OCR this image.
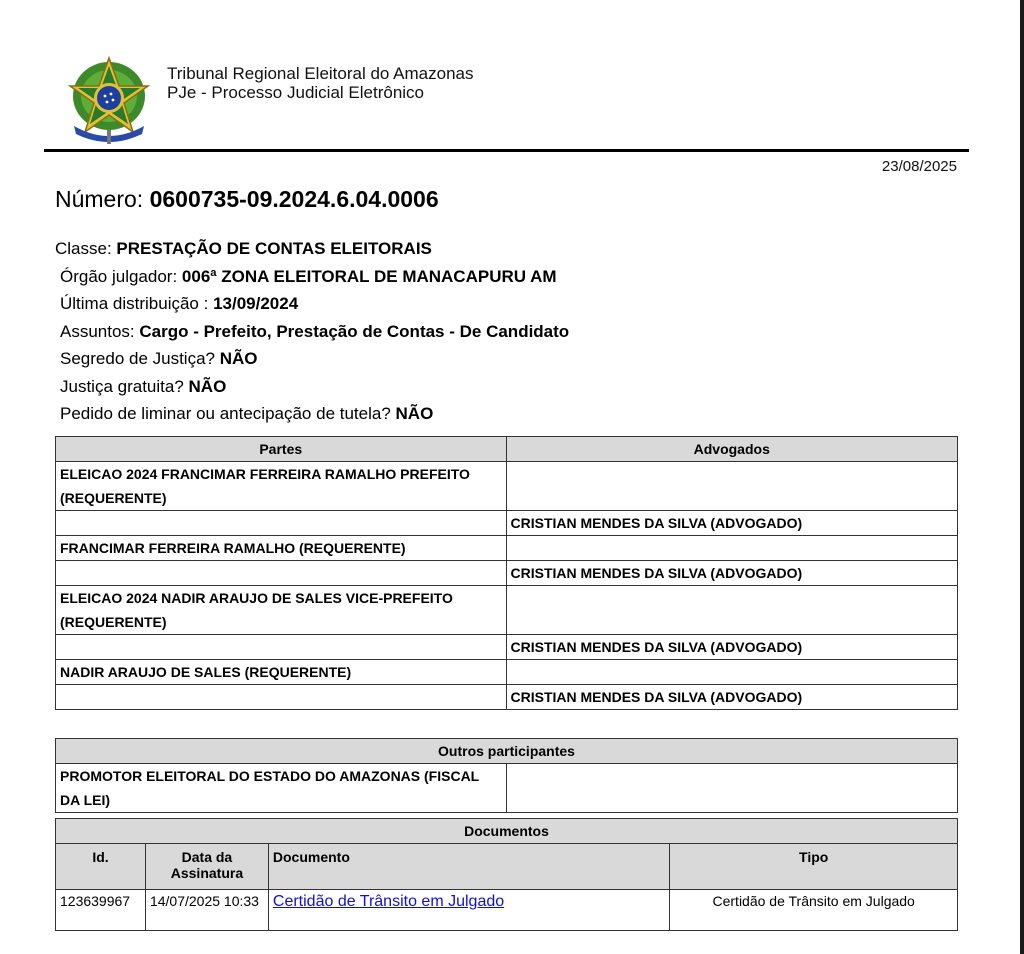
Tribunal Regional Eleitoral do Amazonas
PJe - Processo Judicial Eletrônico
23/08/2025
Número: 0600735-09.2024.6.04.0006
Classe: PRESTAÇÃO DE CONTAS ELEITORAIS
Órgão julgador: 006ª ZONA ELEITORAL DE MANACAPURU AM
Última distribuição : 13/09/2024
Assuntos: Cargo - Prefeito, Prestação de Contas - De Candidato
Segredo de Justiça? NÃO
Justiça gratuita? NÃO
Pedido de liminar ou antecipação de tutela? NÃO
Partes	Advogados
ELEICAO 2024 FRANCIMAR FERREIRA RAMALHO PREFEITO (REQUERENTE)	
	CRISTIAN MENDES DA SILVA (ADVOGADO)
FRANCIMAR FERREIRA RAMALHO (REQUERENTE)	
	CRISTIAN MENDES DA SILVA (ADVOGADO)
ELEICAO 2024 NADIR ARAUJO DE SALES VICE-PREFEITO (REQUERENTE)	
	CRISTIAN MENDES DA SILVA (ADVOGADO)
NADIR ARAUJO DE SALES (REQUERENTE)	
	CRISTIAN MENDES DA SILVA (ADVOGADO)
Outros participantes
PROMOTOR ELEITORAL DO ESTADO DO AMAZONAS (FISCAL DA LEI)	
Documentos			
Id.	Data da Assinatura	Documento	Tipo
123639967	14/07/2025 10:33	Certidão de Trânsito em Julgado	Certidão de Trânsito em Julgado
